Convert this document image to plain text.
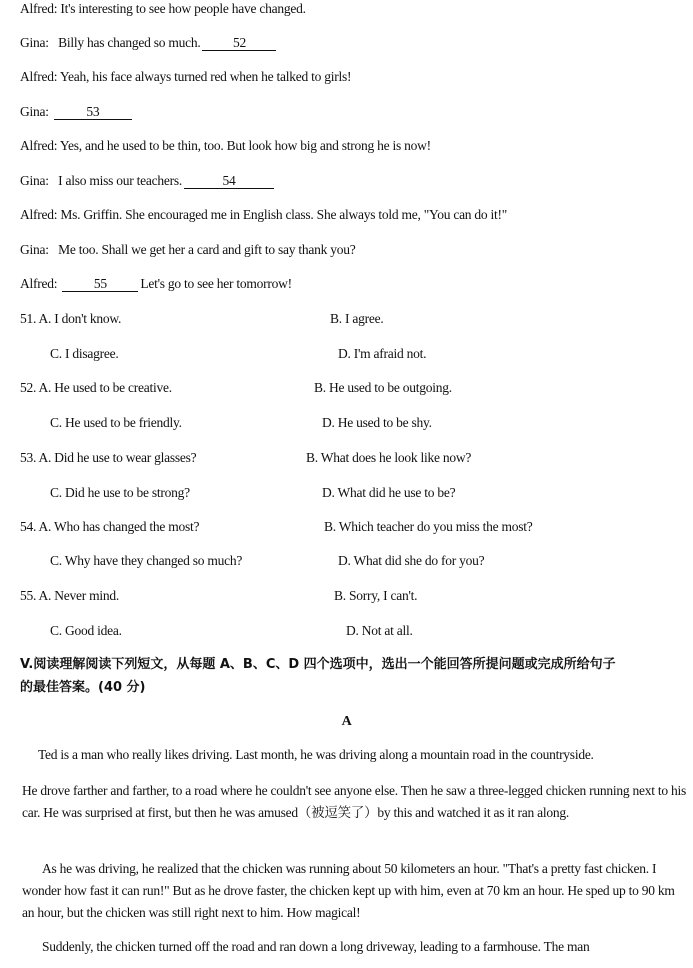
Alfred: It's interesting to see how people have changed.
Gina: Billy has changed so much. 52
Alfred: Yeah, his face always turned red when he talked to girls!
Gina:	53
Alfred: Yes, and he used to be thin, too. But look how big and strong he is now!
Gina: I also miss our teachers.	54
Alfred: Ms. Griffin. She encouraged me in English class. She always told me, "You can do it!"
Gina: Me too. Shall we get her a card and gift to say thank you?
Alfred:	55 Let's go to see her tomorrow!
51. A. I don't know.	B. I agree.
C. I disagree.	D. I'm afraid not.
52. A. He used to be creative.	B. He used to be outgoing.
C. He used to be friendly.	D. He used to be shy.
53. A. Did he use to wear glasses?	B. What does he look like now?
C. Did he use to be strong?	D. What did he use to be?
54. A. Who has changed the most?	B. Which teacher do you miss the most?
C. Why have they changed so much?	D. What did she do for you?
55. A. Never mind.	B. Sorry, I can't.
C. Good idea.	D. Not at all.
V.阅读理解阅读下列短文，从每题 A、B、C、D 四个选项中，选出一个能回答所提问题或完成所给句子
的最佳答案。(40 分)
A
Ted is a man who really likes driving. Last month, he was driving along a mountain road in the countryside.
He drove farther and farther, to a road where he couldn't see anyone else. Then he saw a three-legged chicken running next to his car. He was surprised at first, but then he was amused（被逗笑了）by this and watched it as it ran along.
As he was driving, he realized that the chicken was running about 50 kilometers an hour. "That's a pretty fast chicken. I wonder how fast it can run!" But as he drove faster, the chicken kept up with him, even at 70 km an hour. He sped up to 90 km an hour, but the chicken was still right next to him. How magical!
Suddenly, the chicken turned off the road and ran down a long driveway, leading to a farmhouse. The man
